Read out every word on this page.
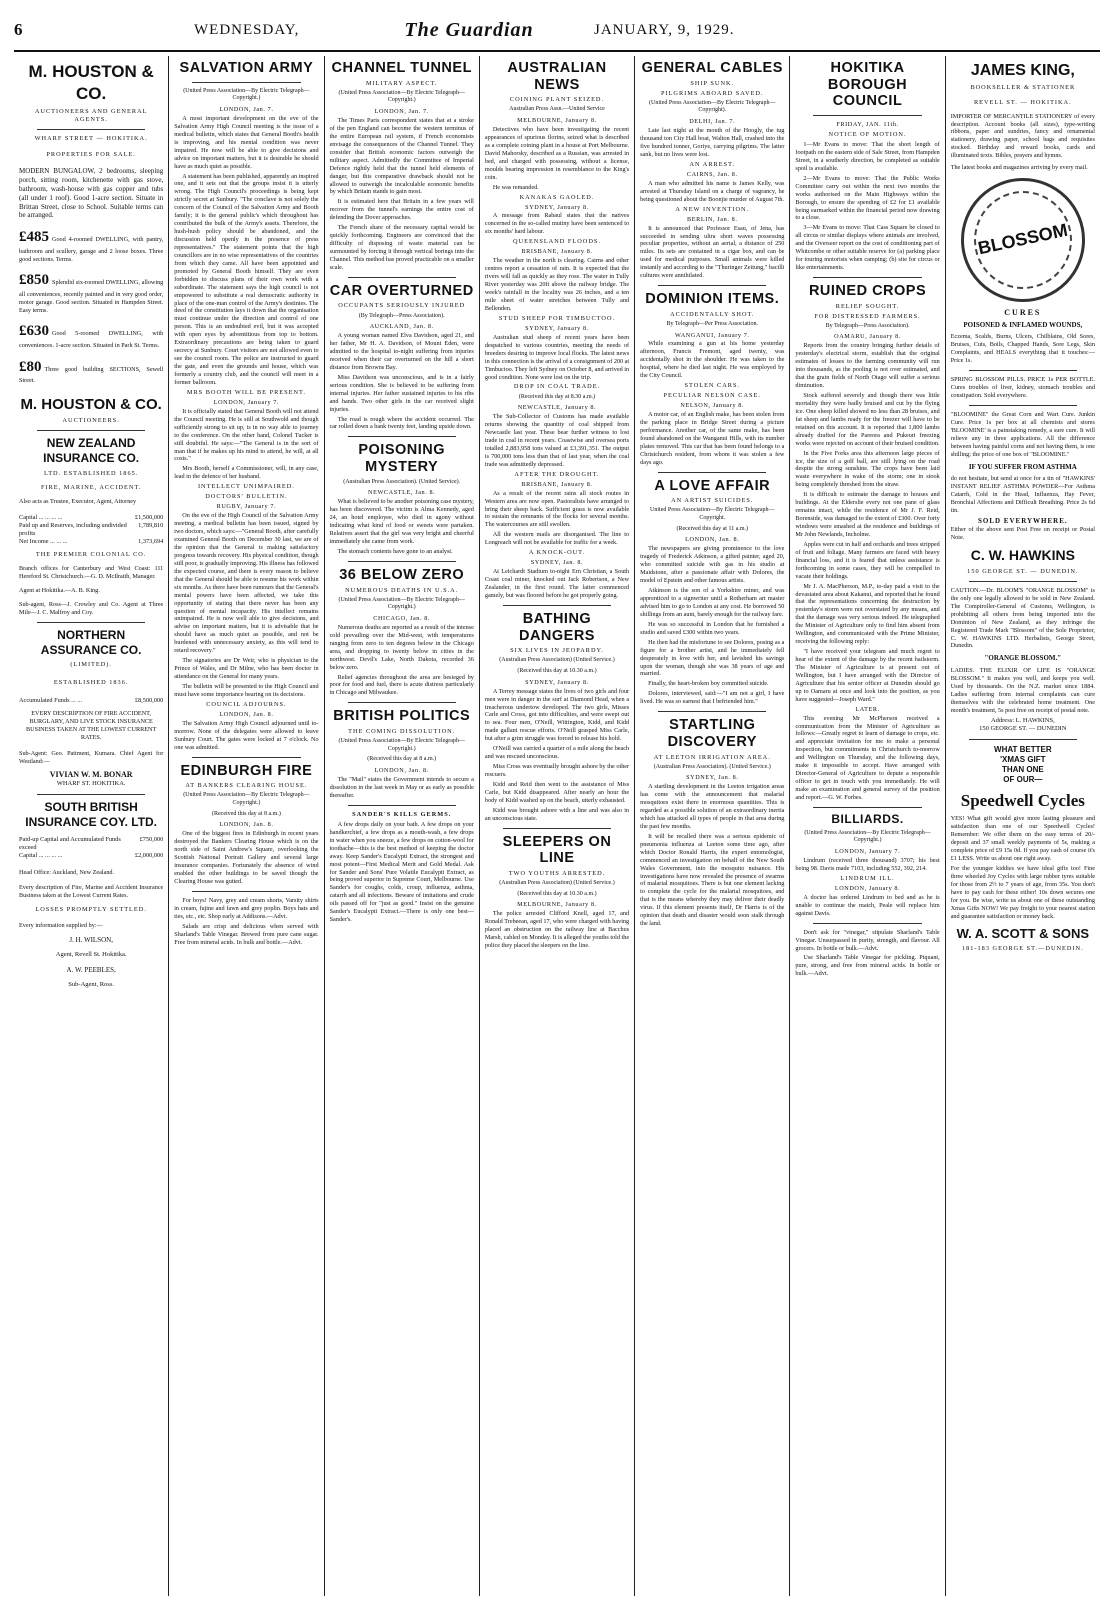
6	WEDNESDAY,	The Guardian	JANUARY, 9, 1929.
M. HOUSTON & CO.
AUCTIONEERS AND GENERAL AGENTS.
WHARF STREET — HOKITIKA.
PROPERTIES FOR SALE.

MODERN BUNGALOW, 2 bedrooms, sleeping porch, sitting room, kitchenette with gas stove, bathroom, wash-house with gas copper and tubs (all under 1 roof). Good 1-acre section. Situate in Brittan Street, close to School. Suitable terms can be arranged.

£485 Good 4-roomed DWELLING, with pantry, bathroom and scullery, garage and 2 loose boxes. Three good sections. Terms.

£850 Splendid six-roomed DWELLING, allowing all conveniences, recently painted and in very good order, motor garage. Good section. Situated in Hampden Street. Easy terms.

£630 Good 5-roomed DWELLING, with conveniences. 1-acre section. Situated in Park St. Terms.

£80 Three good building SECTIONS, Sewell Street.

M. HOUSTON & CO.
AUCTIONEERS.
NEW ZEALAND INSURANCE CO.
LTD. ESTABLISHED 1865.
FIRE, MARINE, ACCIDENT.

Also acts as Trustee, Executor, Agent, Attorney

Capital ... ... ... ...	£1,500,000
Paid up and Reserves, including undivided profits
1,789,810
Net Income ... ... ...	1,373,694
THE PREMIER COLONIAL CO.

Branch offices for Canterbury and West Coast: 111 Hereford St. Christchurch.—G. D. McIlraith, Manager.

Agent at Hokitika.—A. B. King.

Sub-agent, Ross—J. Crowley and Co. Agent at Three Mile—J. C. Malfroy and Coy.

NORTHERN ASSURANCE CO.
(LIMITED).
ESTABLISHED 1836.
Accumulated Funds ... ...	£8,500,000

EVERY DESCRIPTION OF FIRE ACCIDENT, BURGLARY, AND LIVE STOCK INSURANCE BUSINESS TAKEN AT THE LOWEST CURRENT RATES.

Sub-Agent: Geo. Pattment, Kumara. Chief Agent for Westland:—

VIVIAN W. M. BONAR
WHARF ST. HOKITIKA.
SOUTH BRITISH INSURANCE COY. LTD.
Paid-up Capital and Accumulated Funds exceed
£750,000
Capital ... ... ... ...	£2,000,000

Head Office: Auckland, New Zealand.

Every description of Fire, Marine and Accident Insurance Business taken at the Lowest Current Rates.

LOSSES PROMPTLY SETTLED.

Every information supplied by:—

J. H. WILSON,
Agent, Revell St. Hokitika.
A. W. PEEBLES,
Sub-Agent, Ross.
SALVATION ARMY
(United Press Association—By Electric Telegraph—Copyright.)
LONDON, Jan. 7.

A most important development on the eve of the Salvation Army High Council meeting is the issue of a medical bulletin, which states that General Booth's health is improving, and his mental condition was never impaired. He now will be able to give decisions and advice on important matters, but it is desirable he should have as much quiet as possible.

A statement has been published, apparently an inspired one, and it sets out that the groups insist it is utterly wrong. The High Council's proceedings is being kept strictly secret at Sunbury. "The conclave is not solely the concern of the Council of the Salvation Army and Booth family; it is the general public's which throughout has contributed the bulk of the Army's assets. Therefore, the hush-hush policy should be abandoned, and the discussion held openly in the presence of press representatives." The statement points that the high councillors are in no wise representatives of the countries from which they came. All have been appointed and promoted by General Booth himself. They are even forbidden to discuss plans of their own work with a subordinate. The statement says the high council is not empowered to substitute a real democratic authority in place of the one-man control of the Army's destinies. The deed of the constitution lays it down that the organisation must continue under the direction and control of one person. This is an undoubted evil, but it was accepted with open eyes by adventitious from top to bottom. Extraordinary precautions are being taken to guard secrecy at Sunbury. Court visitors are not allowed even to see the council room. The police are instructed to guard the gate, and even the grounds and house, which was formerly a country club, and the council will meet in a former ballroom.

MRS BOOTH WILL BE PRESENT.
LONDON, January 7.

It is officially stated that General Booth will not attend the Council meeting. He is still at Southwold and though sufficiently strong to sit up, is in no way able to journey to the conference. On the other hand, Colonel Tucker is still doubtful. He says:—"The General is in the sort of man that if he makes up his mind to attend, he will, at all costs."

Mrs Booth, herself a Commissioner, will, in any case, lead in the defence of her husband.

INTELLECT UNIMPAIRED.
DOCTORS' BULLETIN.
RUGBY, January 7.

On the eve of the High Council of the Salvation Army meeting, a medical bulletin has been issued, signed by two doctors, which says:—"General Booth, after carefully examined General Booth on December 30 last, we are of the opinion that the General is making satisfactory progress towards recovery. His physical condition, though still poor, is gradually improving. His illness has followed the expected course, and there is every reason to believe that the General should be able to resume his work within six months. As there have been rumours that the General's mental powers have been affected, we take this opportunity of stating that there never has been any question of mental incapacity. His intellect remains unimpaired. He is now well able to give decisions, and advise on important matters, but it is advisable that he should have as much quiet as possible, and not be burdened with unnecessary anxiety, as this will tend to retard recovery."

The signatories are Dr Weir, who is physician to the Prince of Wales, and Dr Milne, who has been doctor in attendance on the General for many years.

The bulletin will be presented to the High Council and must have some importance bearing on its decisions.

COUNCIL ADJOURNS.
LONDON, Jan. 8.

The Salvation Army High Council adjourned until to-morrow. None of the delegates were allowed to leave Sunbury Court. The gates were locked at 7 o'clock. No one was admitted.

EDINBURGH FIRE
AT BANKERS CLEARING HOUSE.
(United Press Association—By Electric Telegraph—Copyright.)
(Received this day at 8 a.m.)
LONDON, Jan. 8.

One of the biggest fires in Edinburgh in recent years destroyed the Bankers Clearing House which is on the north side of Saint Andrew's Square, overlooking the Scottish National Portrait Gallery and several large insurance companies. Fortunately the absence of wind enabled the other buildings to be saved though the Clearing House was gutted.

For boys! Navy, grey and cream shorts, Varsity shirts in cream, fujine and fawn and grey poplin. Boys hats and ties, etc., etc. Shop early at Addisons.—Advt.

Salads are crisp and delicious when served with Sharland's Table Vinegar. Brewed from pure cane sugar. Free from mineral acids. In bulk and bottle.—Advt.

CHANNEL TUNNEL
MILITARY ASPECT.
(United Press Association—By Electric Telegraph—Copyright.)
LONDON, Jan. 7.

The Times Paris correspondent states that at a stroke of the pen England can become the western terminus of the entire European rail system, if French economists envisage the consequences of the Channel Tunnel. They consider that British economic factors outweigh the military aspect. Admittedly the Committee of Imperial Defence rightly held that the tunnel held elements of danger, but this comparative drawback should not be allowed to outweigh the incalculable economic benefits by which Britain stands to gain most.

It is estimated here that Britain in a few years will recover from the tunnel's earnings the entire cost of defending the Dover approaches.

The French share of the necessary capital would be quickly forthcoming. Engineers are convinced that the difficulty of disposing of waste material can be surmounted by forcing it through vertical borings into the Channel. This method has proved practicable on a smaller scale.

CAR OVERTURNED
OCCUPANTS SERIOUSLY INJURED
(By Telegraph—Press Association).
AUCKLAND, Jan. 8.

A young woman named Elva Davidson, aged 21, and her father, Mr H. A. Davidson, of Mount Eden, were admitted to the hospital to-night suffering from injuries received when their car overturned on the hill a short distance from Browns Bay.

Miss Davidson was unconscious, and is in a fairly serious condition. She is believed to be suffering from internal injuries. Her father sustained injuries to his ribs and hands. Two other girls in the car received slight injuries.

The road is rough where the accident occurred. The car rolled down a bank twenty feet, landing upside down.

POISONING MYSTERY
(Australian Press Association). (United Service).
NEWCASTLE, Jan. 8.

What is believed to be another poisoning case mystery, has been discovered. The victim is Alma Kennedy, aged 24, an hotel employee, who died in agony without indicating what kind of food or sweets were partaken. Relatives assert that the girl was very bright and cheerful immediately she came from work.

The stomach contents have gone to an analyst.

36 BELOW ZERO
NUMEROUS DEATHS IN U.S.A.
(United Press Association—By Electric Telegraph—Copyright.)
CHICAGO, Jan. 8.

Numerous deaths are reported as a result of the intense cold prevailing over the Mid-west, with temperatures ranging from zero to ten degrees below in the Chicago area, and dropping to twenty below in cities in the northwest. Devil's Lake, North Dakota, recorded 36 below zero.

Relief agencies throughout the area are besieged by poor for food and fuel, there is acute distress particularly in Chicago and Milwaukee.

BRITISH POLITICS
THE COMING DISSOLUTION.
(United Press Association—By Electric Telegraph—Copyright.)
(Received this day at 8 a.m.)
LONDON, Jan. 8.

The "Mail" states the Government intends to secure a dissolution in the last week in May or as early as possible thereafter.

SANDER'S KILLS GERMS.

A few drops daily on your bath. A few drops on your handkerchief, a few drops as a mouth-wash, a few drops in water when you sneeze, a few drops on cotton-wool for toothache—this is the best method of keeping the doctor away. Keep Sander's Eucalypti Extract, the strongest and most potent—First Medical Merit and Gold Medal. Ask for Sander and Sons' Pure Volatile Eucalypti Extract, as being proved superior in Supreme Court, Melbourne. Use Sander's for coughs, colds, croup, influenza, asthma, catarrh and all infections. Beware of imitations and crude oils passed off for "just as good." Insist on the genuine Sander's Eucalypti Extract.—There is only one best—Sander's.

AUSTRALIAN NEWS
COINING PLANT SEIZED.
Australian Press Assn.—United Service
MELBOURNE, January 8.

Detectives who have been investigating the recent appearances of spurious florins, seized what is described as a complete coining plant in a house at Port Melbourne. David Mahorsky, described as a Russian, was arrested in bed, and charged with possessing, without a license, moulds bearing impression in resemblance to the King's coin.

He was remanded.

KANAKAS GAOLED.
SYDNEY, January 8.

A message from Rabaul states that the natives concerned in the so-called mutiny have been sentenced to six months' hard labour.

QUEENSLAND FLOODS.
BRISBANE, January 8.

The weather in the north is clearing. Cairns and other centres report a cessation of rain. It is expected that the rivers will fall as quickly as they rose. The water in Tully River yesterday was 20ft above the railway bridge. The week's rainfall in the locality was 26 inches, and a ten mile sheet of water stretches between Tully and Bellenden.

STUD SHEEP FOR TIMBUCTOO.
SYDNEY, January 8.

Australian stud sheep of recent years have been despatched to various countries, meeting the needs of breeders desiring to improve local flocks. The latest news in this connection is the arrival of a consignment of 200 at Timbuctoo. They left Sydney on October 8, and arrived in good condition. None were lost on the trip.

DROP IN COAL TRADE.
(Received this day at 8.30 a.m.)
NEWCASTLE, January 8.

The Sub-Collector of Customs has made available returns showing the quantity of coal shipped from Newcastle last year. These bear further witness to lost trade in coal in recent years. Coastwise and oversea ports totalled 2,883,958 tons valued at £3,391,351. The output is 700,000 tons less than that of last year, when the coal trade was admittedly depressed.

AFTER THE DROUGHT.
BRISBANE, January 8.

As a result of the recent rains all stock routes in Western area are now open. Pastoralists have arranged to bring their sheep back. Sufficient grass is now available to sustain the remnants of the flocks for several months. The watercourses are still swollen.

All the western mails are disorganised. The line to Longreach will not be available for traffic for a week.

A KNOCK-OUT.
SYDNEY, Jan. 8.

At Leichardt Stadium to-night Ern Christian, a South Coast coal miner, knocked out Jack Robertson, a New Zealander, in the first round. The latter commenced gamely, but was floored before he got properly going.

BATHING DANGERS
SIX LIVES IN JEOPARDY.
(Australian Press Association) (United Service.)
(Received this day at 10.30 a.m.)
SYDNEY, January 8.

A Terrey message states the lives of two girls and four men were in danger in the surf at Diamond Head, when a treacherous undertow developed. The two girls, Misses Carle and Cross, got into difficulties, and were swept out to sea. Four men, O'Neill, Wittington, Kidd, and Kidd made gallant rescue efforts. O'Neill grasped Miss Carle, but after a grim struggle was forced to release his hold.

O'Neill was carried a quarter of a mile along the beach and was rescued unconscious.

Miss Cross was eventually brought ashore by the other rescuers.

Kidd and Reid then went to the assistance of Miss Carle, but Kidd disappeared. After nearly an hour the body of Kidd washed up on the beach, utterly exhausted.

Kidd was brought ashore with a line and was also in an unconscious state.

SLEEPERS ON LINE
TWO YOUTHS ARRESTED.
(Australian Press Association) (United Service.)
(Received this day at 10.30 a.m.)
MELBOURNE, January 8.

The police arrested Clifford Knell, aged 17, and Ronald Trebeean, aged 17, who were charged with having placed an obstruction on the railway line at Bacchus Marsh, cabled on Monday. It is alleged the youths told the police they placed the sleepers on the line.

GENERAL CABLES
SHIP SUNK.
PILGRIMS ABOARD SAVED.
(United Press Association—By Electric Telegraph—Copyright).
DELHI, Jan. 7.

Late last night at the mouth of the Hoogly, the tug thousand ton City Hall boat, Walton Hall, crashed into the five hundred tonner, Goriye, carrying pilgrims. The latter sank, but no lives were lost.

AN ARREST.
CAIRNS, Jan. 8.

A man who admitted his name is James Kelly, was arrested at Thursday Island on a charge of vagrancy, he being questioned about the Boonjie murder of August 7th.

A NEW INVENTION.
BERLIN, Jan. 8.

It is announced that Professor Esau, of Jena, has succeeded in sending ultra short waves possessing peculiar properties, without an aerial, a distance of 250 miles. Its sets are contained in a cigar box, and can be used for medical purposes. Small animals were killed instantly and according to the "Thuringer Zeitung," bacilli cultures were annihilated.

DOMINION ITEMS.
ACCIDENTALLY SHOT.
By Telegraph—Per Press Association.
WANGANUI, January 7.

While examining a gun at his home yesterday afternoon, Francis Fremont, aged twenty, was accidentally shot in the shoulder. He was taken to the hospital, where he died last night. He was employed by the City Council.

STOLEN CARS.
PECULIAR NELSON CASE.
NELSON, January 8.

A motor car, of an English make, has been stolen from the parking place in Bridge Street during a picture performance. Another car, of the same make, has been found abandoned on the Wanganui Hills, with its number plates removed. This car that has been found belongs to a Christchurch resident, from whom it was stolen a few days ago.

A LOVE AFFAIR
AN ARTIST SUICIDES.
United Press Association—By Electric Telegraph—Copyright.
(Received this day at 11 a.m.)
LONDON, Jan. 8.

The newspapers are giving prominence to the love tragedy of Frederick Atkinson, a gifted painter, aged 20, who committed suicide with gas in his studio at Maidstone, after a passionate affair with Dolores, the model of Epstein and other famous artists.

Atkinson is the son of a Yorkshire miner, and was apprenticed to a signwriter until a Rotherham art master advised him to go to London at any cost. He borrowed 50 shillings from an aunt, barely enough for the railway fare.

He was so successful in London that he furnished a studio and saved £300 within two years.

He then had the misfortune to see Dolores, posing as a figure for a brother artist, and he immediately fell desperately in love with her, and lavished his savings upon the woman, though she was 38 years of age and married.

Finally, the heart-broken boy committed suicide.

Dolores, interviewed, said:—"I am not a girl, I have lived. He was so earnest that I befriended him."

STARTLING DISCOVERY
AT LEETON IRRIGATION AREA.
(Australian Press Association). (United Service.)
SYDNEY, Jan. 8.

A startling development in the Leeton irrigation areas has come with the announcement that malarial mosquitoes exist there in enormous quantities. This is regarded as a possible solution of an extraordinary inertia which has attacked all types of people in that area during the past few months.

It will be recalled there was a serious epidemic of pneumonia influenza at Leeton some time ago, after which Doctor Ronald Harris, the expert entomologist, commenced an investigation on behalf of the New South Wales Government, into the mosquito nuisance. His investigations have now revealed the presence of swarms of malarial mosquitoes. There is but one element lacking to complete the cycle for the malarial mosquitoes, and that is the means whereby they may deliver their deadly virus. If this element presents itself, Dr Harris is of the opinion that death and disaster would soon stalk through the land.

HOKITIKA BOROUGH COUNCIL
FRIDAY, JAN. 11th.
NOTICE OF MOTION.

1—Mr Evans to move: That the short length of footpath on the eastern side of Sale Street, from Hampden Street, in a southerly direction, be completed as suitable spoil is available.

2—Mr Evans to move: That the Public Works Committee carry out within the next two months the works authorised on the Main Highways within the Borough, to ensure the spending of £2 for £1 available being earmarked within the financial period now drawing to a close.

3—Mr Evans to move: That Cass Square be closed to all circus or similar displays where animals are involved, and the Overseer report on the cost of conditioning part of Whitcombe or other suitable reserve for (a) parking place for touring motorists when camping; (b) site for circus or like entertainments.

RUINED CROPS
RELIEF SOUGHT.
FOR DISTRESSED FARMERS.
By Telegraph—Press Association).
OAMARU, January 8.

Reports from the country bringing further details of yesterday's electrical storm, establish that the original estimates of losses to the farming community will run into thousands, as the pooling is not over estimated, and that the grain fields of North Otago will suffer a serious diminution.

Stock suffered severely and though there was little mortality they were badly bruised and cut by the flying ice. One sheep killed showed no less than 28 bruises, and fat sheep and lambs ready for the freezer will have to be retained on this account. It is reported that 1,800 lambs already drafted for the Pareora and Pukeuri freezing works were rejected on account of their bruised condition.

In the Five Forks area this afternoon large pieces of ice, the size of a golf ball, are still lying on the road despite the strong sunshine. The crops have been laid waste everywhere in wake of the storm; one in stook being completely threshed from the straw.

It is difficult to estimate the damage to houses and buildings. At the Elderslie every not one pane of glass remains intact, while the residence of Mr J. F. Reid, Borenside, was damaged to the extent of £300. Over forty windows were smashed at the residence and buildings of Mr John Newlands, Incholme.

Apples were cut in half and orchards and trees stripped of fruit and foliage. Many farmers are faced with heavy financial loss, and it is feared that unless assistance is forthcoming in some cases, they will be compelled to vacate their holdings.

Mr J. A. MacPherson, M.P., to-day paid a visit to the devastated area about Kakanui, and reported that he found that the representations concerning the destruction by yesterday's storm were not overstated by any means, and that the damage was very serious indeed. He telegraphed the Minister of Agriculture only to find him absent from Wellington, and communicated with the Prime Minister, receiving the following reply:

"I have received your telegram and much regret to hear of the extent of the damage by the recent hailstorm. The Minister of Agriculture is at present out of Wellington, but I have arranged with the Director of Agriculture that his senior officer at Dunedin should go up to Oamaru at once and look into the position, as you have suggested—Joseph Ward."

LATER.

This evening Mr McPherson received a communication from the Minister of Agriculture as follows:—Greatly regret to learn of damage to crops, etc. and appreciate invitation for me to make a personal inspection, but commitments in Christchurch to-morrow and Wellington on Thursday, and the following days, make it impossible to accept. Have arranged with Director-General of Agriculture to depute a responsible officer to get in touch with you immediately. He will make an examination and general survey of the position and report.—G. W. Forbes.

BILLIARDS.
(United Press Association—By Electric Telegraph—Copyright.)
LONDON, January 7.

Lindrum (received three thousand) 3707; his best being 98. Davis made 7103, including 552, 392, 214.

LINDRUM ILL.
LONDON, January 8.

A doctor has ordered Lindrum to bed and as he is unable to continue the match, Peale will replace him against Davis.

Don't ask for "vinegar," stipulate Sharland's Table Vinegar. Unsurpassed in purity, strength, and flavour. All grocers. In bottle or bulk.—Advt.

Use Sharland's Table Vinegar for pickling. Piquant, pure, strong, and free from mineral acids. In bottle or bulk.—Advt.

JAMES KING,
BOOKSELLER & STATIONER
REVELL ST. — HOKITIKA.

IMPORTER OF MERCANTILE STATIONERY of every description. Account books (all sizes), type-writing ribbons, paper and sundries, fancy and ornamental stationery, drawing paper, school bags and requisites stocked. Birthday and reward books, cards and illuminated texts. Bibles, prayers and hymns.

The latest books and magazines arriving by every mail.

BLOSSOM
CURES
POISONED & INFLAMED WOUNDS,

Eczema, Scalds, Burns, Ulcers, Chilblains, Old Sores, Bruises, Cuts, Boils, Chapped Hands, Sore Legs, Skin Complaints, and HEALS everything that it touches:—Price 1s.

SPRING BLOSSOM PILLS. PRICE 1s PER BOTTLE. Cures troubles of liver, kidney, stomach troubles and constipation. Sold everywhere.

"BLOOMINE" the Great Corn and Wart Cure. Junkin Cure. Price 1s per box at all chemists and stores 'BLOOMINE' is a painstaking remedy, a sure cure. It will relieve any in three applications. All the difference between having painful corns and not having them, is one shilling; the price of one box of "BLOOMINE."

IF YOU SUFFER FROM ASTHMA

do not hesitate, but send at once for a tin of "HAWKINS' INSTANT RELIEF ASTHMA POWDER—For Asthma Catarrh, Cold in the Head, Influenza, Hay Fever, Bronchial Affections and Difficult Breathing. Price 2s 6d tin.

SOLD EVERYWHERE.

Either of the above sent Post Free on receipt or Postal Note.

C. W. HAWKINS
150 GEORGE ST. — DUNEDIN.

CAUTION.—Dr. BLOOM'S "ORANGE BLOSSOM" is the only one legally allowed to be sold in New Zealand. The Comptroller-General of Customs, Wellington, is prohibiting all others from being imported into the Dominion of New Zealand, as they infringe the Registered Trade Mark "Blossom" of the Sole Proprietor, C. W. HAWKINS LTD. Herbalists, George Street, Dunedin.

"ORANGE BLOSSOM."

LADIES. THE ELIXIR OF LIFE IS "ORANGE BLOSSOM." It makes you well, and keeps you well. Used by thousands. On the N.Z. market since 1884. Ladies suffering from internal complaints can cure themselves with the celebrated home treatment. One month's treatment, 5s post free on receipt of postal note.

Address: L. HAWKINS,
150 GEORGE ST. — DUNEDIN
WHAT BETTER
'XMAS GIFT
THAN ONE
OF OUR—
Speedwell Cycles

YES! What gift would give more lasting pleasure and satisfaction than one of our Speedwell Cycles! Remember: We offer them on the easy terms of 20/- deposit and 37 small weekly payments of 5s, making a complete price of £9 15s 0d. If you pay cash of course it's £1 LESS. Write us about one right away.

For the younger kiddies we have ideal gifts too! Fine three wheeled Joy Cycles with large rubber tyres suitable for those from 2½ to 7 years of age, from 35s. You don't have to pay cash for these either! 10s down secures one for you. Be wise, write us about one of these outstanding Xmas Gifts NOW! We pay freight to your nearest station and guarantee satisfaction or money back.

W. A. SCOTT & SONS
181-183 GEORGE ST.—DUNEDIN.
